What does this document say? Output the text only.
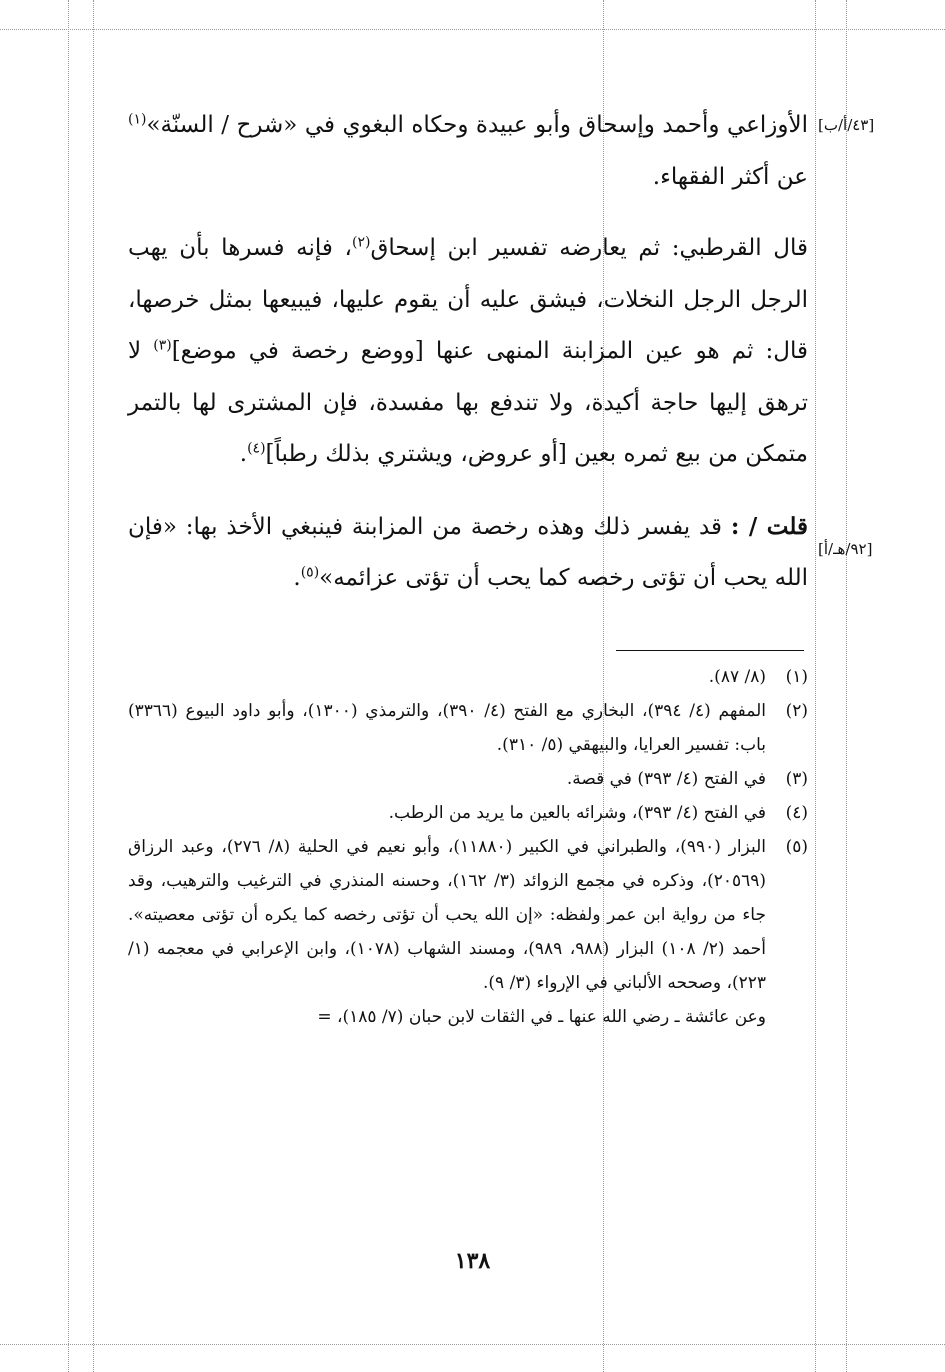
[٤٣/أ/ب]
[٩٢/هـ/أ]

الأوزاعي وأحمد وإسحاق وأبو عبيدة وحكاه البغوي في «شرح / السنّة»$^{(١)}$ عن أكثر الفقهاء.

قال القرطبي: ثم يعارضه تفسير ابن إسحاق$^{(٢)}$، فإنه فسرها بأن يهب الرجل الرجل النخلات، فيشق عليه أن يقوم عليها، فيبيعها بمثل خرصها، قال: ثم هو عين المزابنة المنهى عنها [ووضع رخصة في موضع]$^{(٣)}$ لا ترهق إليها حاجة أكيدة، ولا تندفع بها مفسدة، فإن المشترى لها بالتمر متمكن من بيع ثمره بعين [أو عروض، ويشتري بذلك رطباً]$^{(٤)}$.

قلت / : قد يفسر ذلك وهذه رخصة من المزابنة فينبغي الأخذ بها: «فإن الله يحب أن تؤتى رخصه كما يحب أن تؤتى عزائمه»$^{(٥)}$.

(١)
(٨/ ٨٧).
(٢)
المفهم (٤/ ٣٩٤)، البخاري مع الفتح (٤/ ٣٩٠)، والترمذي (١٣٠٠)، وأبو داود البيوع (٣٣٦٦) باب: تفسير العرايا، والبيهقي (٥/ ٣١٠).
(٣)
في الفتح (٤/ ٣٩٣) في قصة.
(٤)
في الفتح (٤/ ٣٩٣)، وشرائه بالعين ما يريد من الرطب.
(٥)
البزار (٩٩٠)، والطبراني في الكبير (١١٨٨٠)، وأبو نعيم في الحلية (٨/ ٢٧٦)، وعبد الرزاق (٢٠٥٦٩)، وذكره في مجمع الزوائد (٣/ ١٦٢)، وحسنه المنذري في الترغيب والترهيب، وقد جاء من رواية ابن عمر ولفظه: «إن الله يحب أن تؤتى رخصه كما يكره أن تؤتى معصيته». أحمد (٢/ ١٠٨) البزار (٩٨٨، ٩٨٩)، ومسند الشهاب (١٠٧٨)، وابن الإعرابي في معجمه (١/ ٢٢٣)، وصححه الألباني في الإرواء (٣/ ٩).
وعن عائشة ـ رضي الله عنها ـ في الثقات لابن حبان (٧/ ١٨٥)، =
١٣٨
